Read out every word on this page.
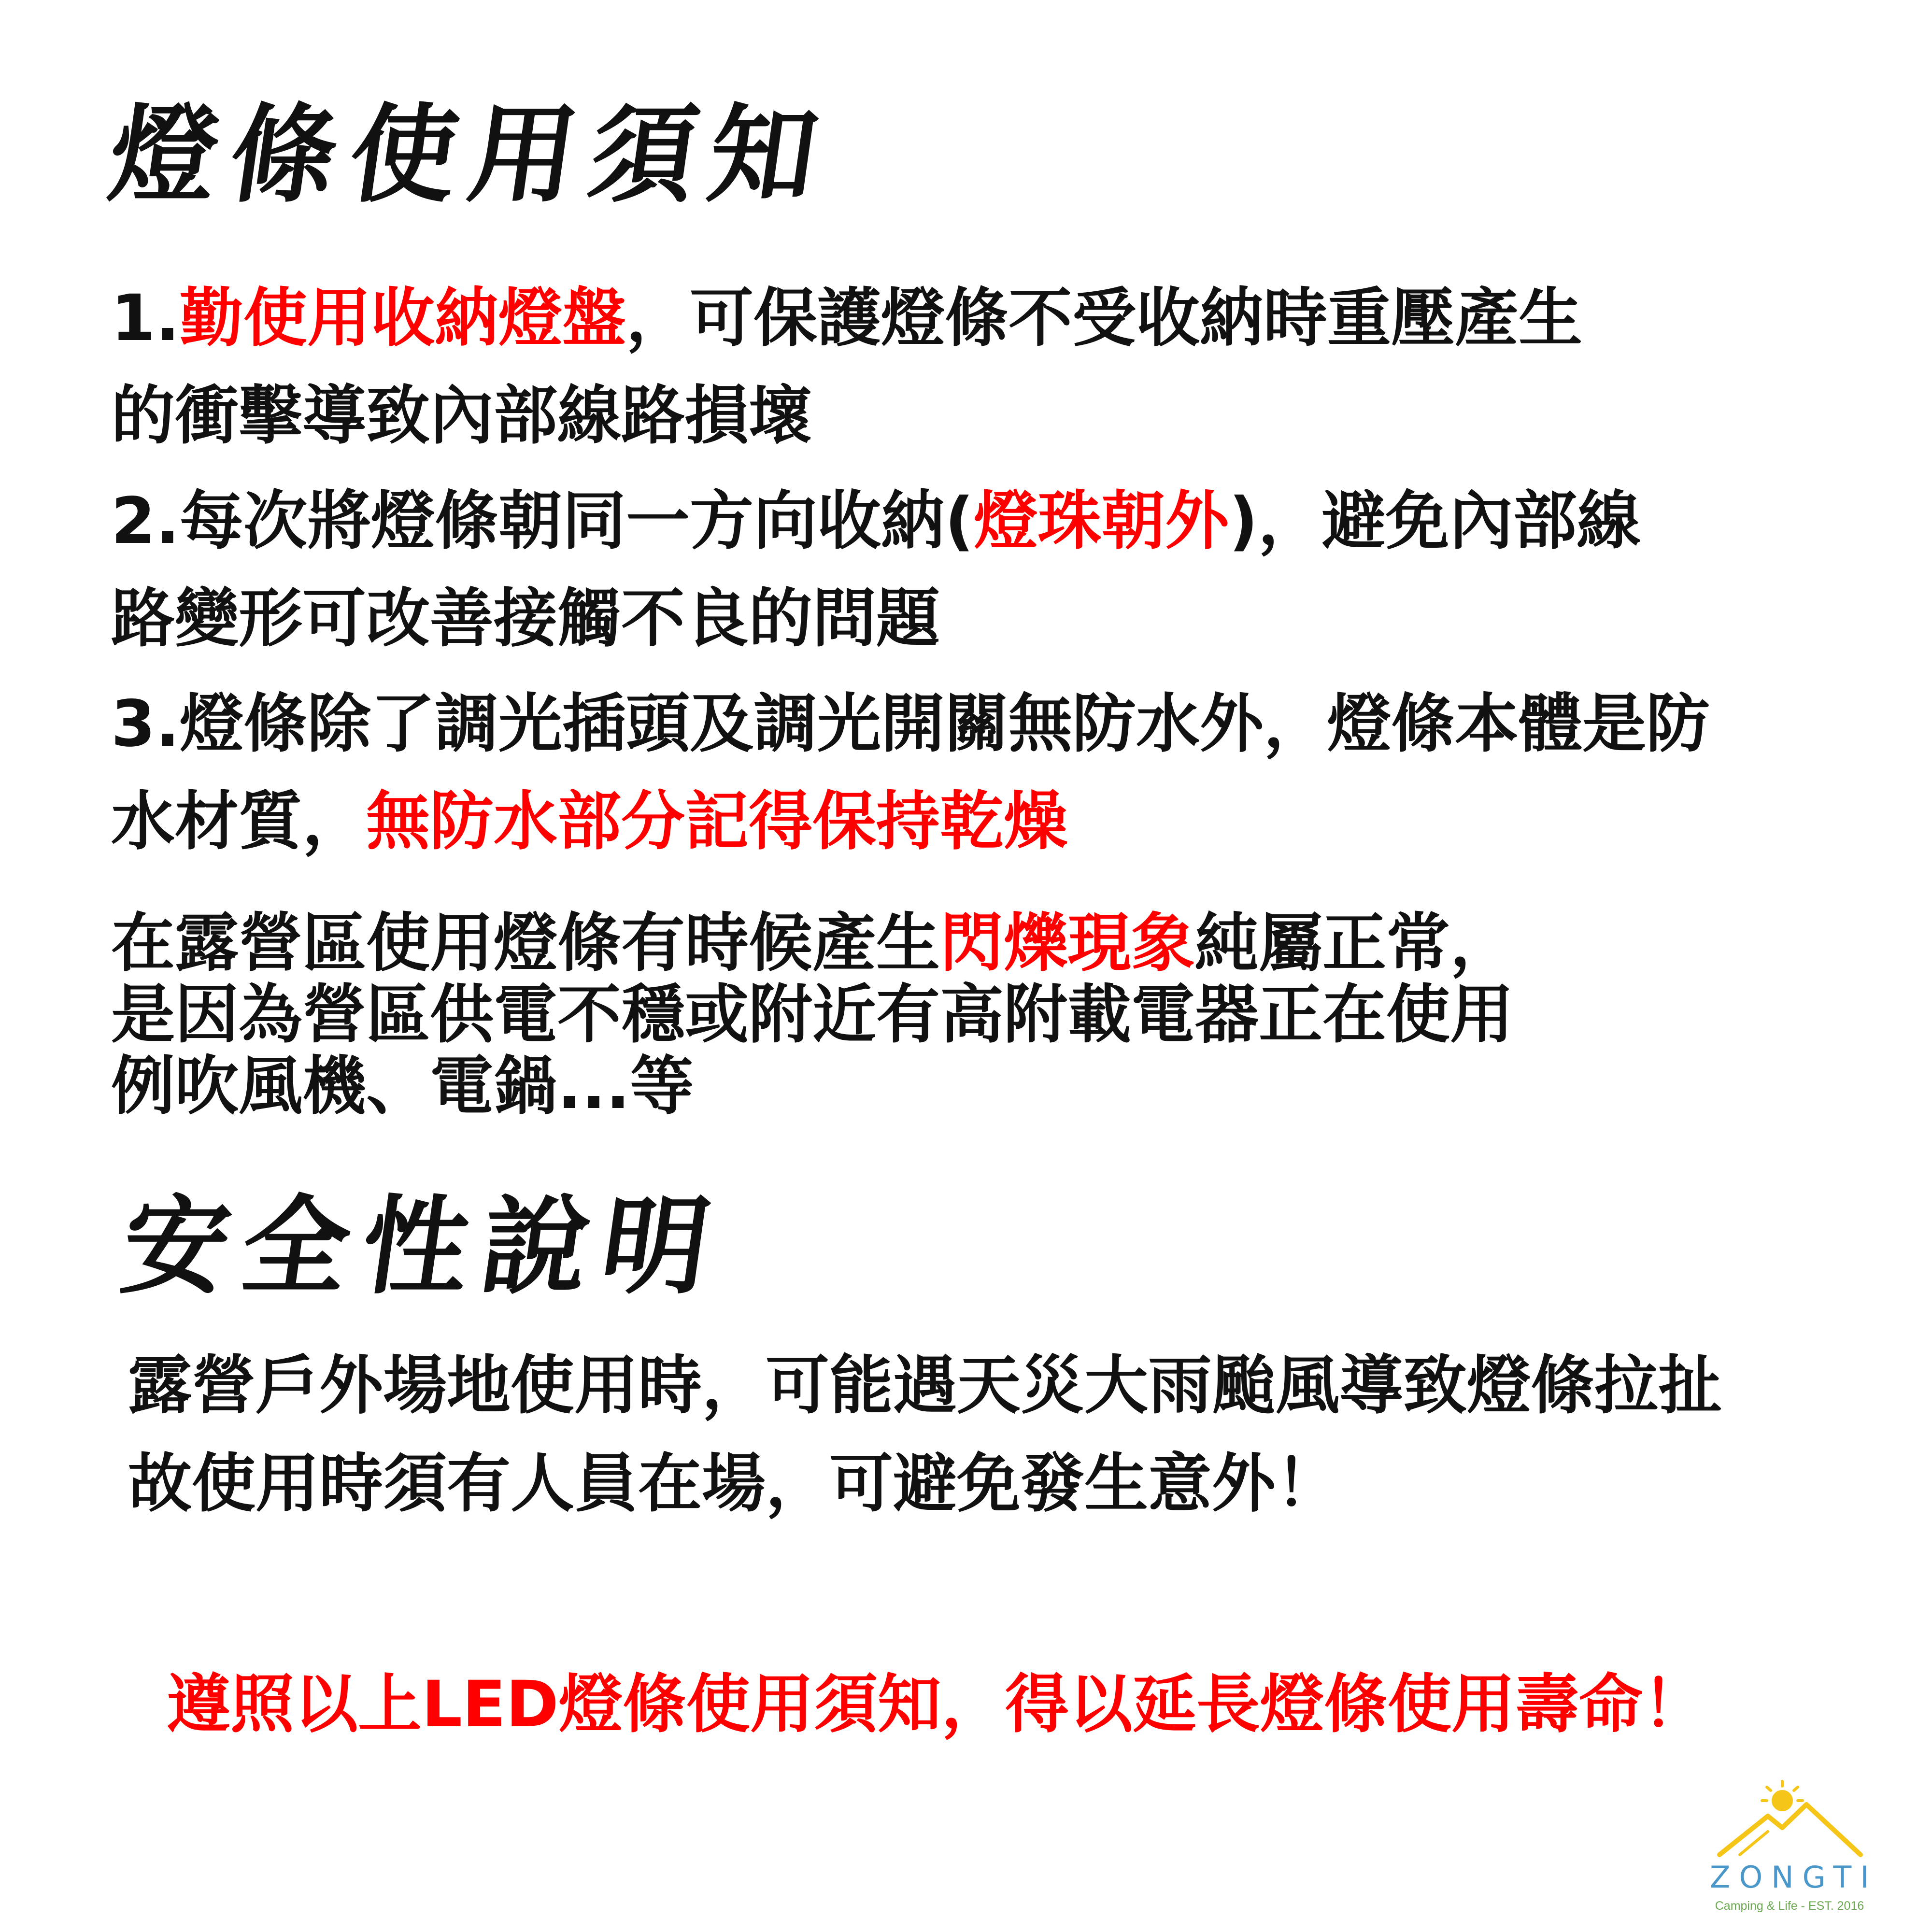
燈條使用須知
1.勤使用收納燈盤，可保護燈條不受收納時重壓產生
的衝擊導致內部線路損壞
2.每次將燈條朝同一方向收納(燈珠朝外)，避免內部線
路變形可改善接觸不良的問題
3.燈條除了調光插頭及調光開關無防水外，燈條本體是防
水材質，無防水部分記得保持乾燥
在露營區使用燈條有時候產生閃爍現象純屬正常，
是因為營區供電不穩或附近有高附載電器正在使用
例吹風機、電鍋...等
安全性說明
露營戶外場地使用時，可能遇天災大雨颱風導致燈條拉扯
故使用時須有人員在場，可避免發生意外！
遵照以上LED燈條使用須知，得以延長燈條使用壽命！
ZONGTI
Camping & Life - EST. 2016
